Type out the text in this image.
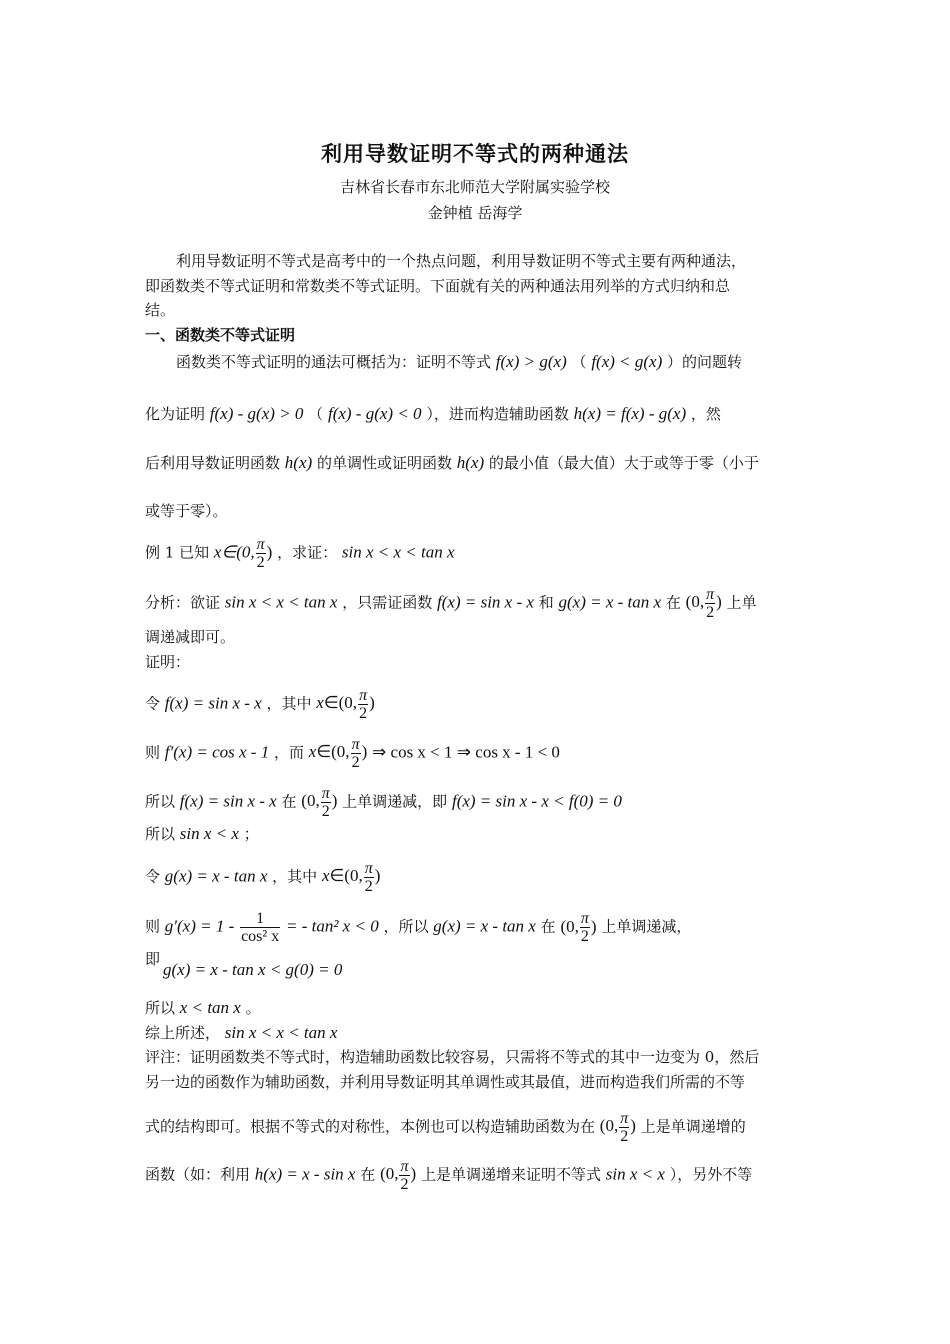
利用导数证明不等式的两种通法
吉林省长春市东北师范大学附属实验学校
金钟植 岳海学
利用导数证明不等式是高考中的一个热点问题，利用导数证明不等式主要有两种通法，
即函数类不等式证明和常数类不等式证明。下面就有关的两种通法用列举的方式归纳和总
结。
一、函数类不等式证明
函数类不等式证明的通法可概括为：证明不等式 f(x) > g(x) （ f(x) < g(x) ）的问题转
化为证明 f(x) - g(x) > 0 （ f(x) - g(x) < 0 ），进而构造辅助函数 h(x) = f(x) - g(x) ，然
后利用导数证明函数 h(x) 的单调性或证明函数 h(x) 的最小值（最大值）大于或等于零（小于
或等于零）。
例 1 已知 x∈(0, $\frac{\pi}{2}$ ) ，求证： sin x < x < tan x
分析：欲证 sin x < x < tan x ，只需证函数 f(x) = sin x - x 和 g(x) = x - tan x 在 (0, $\frac{\pi}{2}$ ) 上单
调递减即可。
证明：
令 f(x) = sin x - x ，其中 x∈(0, $\frac{\pi}{2}$ )
则 f′(x) = cos x - 1 ，而 x∈(0, $\frac{\pi}{2}$ ) ⇒ cos x < 1 ⇒ cos x - 1 < 0
所以 f(x) = sin x - x 在 (0, $\frac{\pi}{2}$ ) 上单调递减，即 f(x) = sin x - x < f(0) = 0
所以 sin x < x ；
令 g(x) = x - tan x ，其中 x∈(0, $\frac{\pi}{2}$ )
则 $g'(x) = 1 - \frac{1}{\text{cos² x}}$ = - tan² x < 0 ，所以 g(x) = x - tan x 在 (0, $\frac{\pi}{2}$ ) 上单调递减，
即
g(x) = x - tan x < g(0) = 0
所以 x < tan x 。
综上所述， sin x < x < tan x
评注：证明函数类不等式时，构造辅助函数比较容易，只需将不等式的其中一边变为 0，然后
另一边的函数作为辅助函数，并利用导数证明其单调性或其最值，进而构造我们所需的不等
式的结构即可。根据不等式的对称性，本例也可以构造辅助函数为在 (0, $\frac{\pi}{2}$ ) 上是单调递增的
函数（如：利用 h(x) = x - sin x 在 (0, $\frac{\pi}{2}$ ) 上是单调递增来证明不等式 sin x < x ），另外不等
